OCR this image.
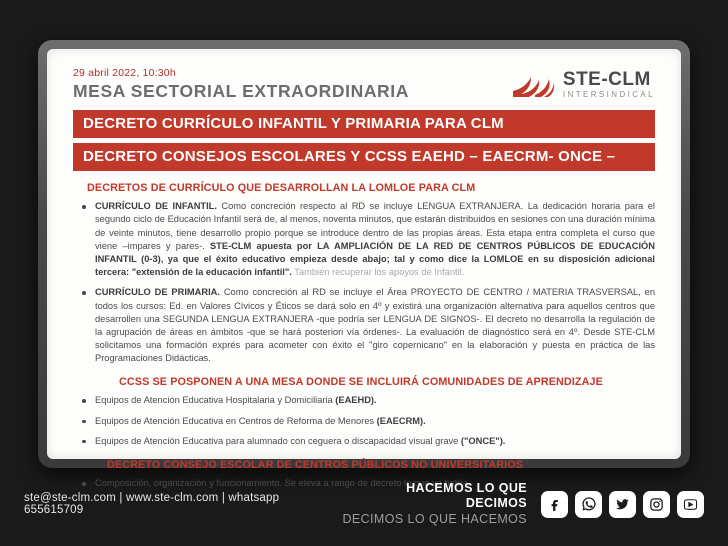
29 abril 2022, 10:30h
MESA SECTORIAL EXTRAORDINARIA
STE-CLM
INTERSINDICAL
DECRETO CURRÍCULO INFANTIL Y PRIMARIA PARA CLM
DECRETO CONSEJOS ESCOLARES Y CCSS EAEHD – EAECRM- ONCE –
DECRETOS DE CURRÍCULO QUE DESARROLLAN LA LOMLOE PARA CLM
CURRÍCULO DE INFANTIL. Como concreción respecto al RD se incluye LENGUA EXTRANJERA. La dedicación horaria para el segundo ciclo de Educación Infantil será de, al menos, noventa minutos, que estarán distribuidos en sesiones con una duración mínima de veinte minutos, tiene desarrollo propio porque se introduce dentro de las propias áreas. Esta etapa entra completa el curso que viene –impares y pares-. STE-CLM apuesta por LA AMPLIACIÓN DE LA RED DE CENTROS PÚBLICOS DE EDUCACIÓN INFANTIL (0-3), ya que el éxito educativo empieza desde abajo; tal y como dice la LOMLOE en su disposición adicional tercera: "extensión de la educación infantil". También recuperar los apoyos de Infantil.
CURRÍCULO DE PRIMARIA. Como concreción al RD se incluye el Área PROYECTO DE CENTRO / MATERIA TRASVERSAL, en todos los cursos: Ed. en Valores Cívicos y Éticos se dará solo en 4º y existirá una organización alternativa para aquellos centros que desarrollen una SEGUNDA LENGUA EXTRANJERA -que podría ser LENGUA DE SIGNOS-. El decreto no desarrolla la regulación de la agrupación de áreas en ámbitos -que se hará posteriori vía órdenes-. La evaluación de diagnóstico será en 4º. Desde STE-CLM solicitamos una formación exprés para acometer con éxito el "giro copernicano" en la elaboración y puesta en práctica de las Programaciones Didácticas.
CCSS SE POSPONEN A UNA MESA DONDE SE INCLUIRÁ COMUNIDADES DE APRENDIZAJE
Equipos de Atención Educativa Hospitalaria y Domiciliaria (EAEHD).
Equipos de Atención Educativa en Centros de Reforma de Menores (EAECRM).
Equipos de Atención Educativa para alumnado con ceguera o discapacidad visual grave ("ONCE").
DECRETO CONSEJO ESCOLAR DE CENTROS PÚBLICOS NO UNIVERSITARIOS
Composición, organización y funcionamiento. Se eleva a rango de decreto lo que ya había.
ste@ste-clm.com | www.ste-clm.com | whatsapp 655615709
HACEMOS LO QUE DECIMOS
DECIMOS LO QUE HACEMOS
